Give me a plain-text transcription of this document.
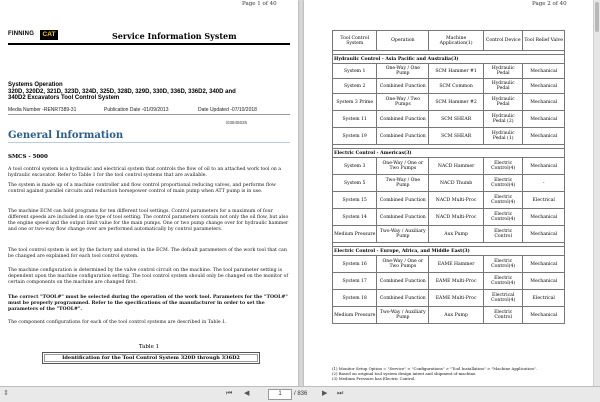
Page 1 of 40
FINNING	CAT	Service Information System
Systems Operation
320D, 320D2, 321D, 323D, 324D, 325D, 328D, 329D, 330D, 336D, 336D2, 340D and
340D2 Excavators Tool Control System
Media Number -RENR7389-31	Publication Date -01/09/2013	Date Updated -07/10/2018
i03845635
General Information
SMCS - 5000

A tool control system is a hydraulic and electrical system that controls the flow of oil to an attached work tool on a hydraulic excavator. Refer to Table 1 for the tool control systems that are available.

The system is made up of a machine controller and flow control proportional reducing valves, and performs flow control against parallel circuits and reduction horsepower control of main pump when ATT pump is in use.

The machine ECM can hold programs for ten different tool settings. Control parameters for a maximum of four different speeds are included in one type of tool setting. The control parameters contain not only the oil flow, but also the engine speed and the output limit value for the main pumps. One or two pump change over for hydraulic hammer and one or two-way flow change over are performed automatically by control parameters.

The tool control system is set by the factory and stored in the ECM. The default parameters of the work tool that can be changed are explained for each tool control system.

The machine configuration is determined by the valve control circuit on the machine. The tool parameter setting is dependent upon the machine configuration setting. The tool control system should only be changed on the monitor of certain components on the machine are changed first.

The correct "TOOL#" must be selected during the operation of the work tool. Parameters for the "TOOL#" must be properly programmed. Refer to the specifications of the manufacturer in order to set the parameters of the "TOOL#".

The component configurations for each of the tool control systems are described in Table 1.

Table 1
Identification for the Tool Control System 320D through 336D2
Page 2 of 40
Tool Control System	Operation	Machine Application(1)	Control Device	Tool Relief Valve

Hydraulic Control - Asia Pacific and Australia(3)				
System 1	One-Way / One Pump	SCM Hammer #1	Hydraulic Pedal	Mechanical
System 2	Combined Function	SCM Common	Hydraulic Pedal	Mechanical
System 3 Prime	One-Way / Two Pumps	SCM Hammer #2	Hydraulic Pedal	Mechanical
System 11	Combined Function	SCM SHEAR	Hydraulic Pedal (2)	Mechanical
System 19	Combined Function	SCM SHEAR	Hydraulic Pedal (1)	Mechanical

Electric Control - Americas(3)				
System 3	One-Way / One or Two Pumps	NACD Hammer	Electric Control(4)	Mechanical
System 5	Two-Way / One Pump	NACD Thumb	Electric Control(4)	-
System 15	Combined Function	NACD Multi-Proc	Electric Control(4)	Electrical
System 14	Combined Function	NACD Multi-Proc	Electric Control(4)	Mechanical
Medium Pressure	Two-Way / Auxiliary Pump	Aux Pump	Electric Control	Mechanical

Electric Control - Europe, Africa, and Middle East(3)				
System 16	One-Way / One or Two Pumps	EAME Hammer	Electric Control(4)	Mechanical
System 17	Combined Function	EAME Multi-Proc	Electric Control(4)	Mechanical
System 18	Combined Function	EAME Multi-Proc	Electrical Control(4)	Electrical
Medium Pressure	Two-Way / Auxiliary Pump	Aux Pump	Electric Control	Mechanical
(1) Monitor Setup Option = "Service" > "Configurations" > "Tool Installation" > "Machine Application".
(2) Based on original tool system design intent and shipment of machine.
(3) Medium Pressure has Electric Control.
⇕	⏮ ◀	1	/ 836 ▶ ⏭
